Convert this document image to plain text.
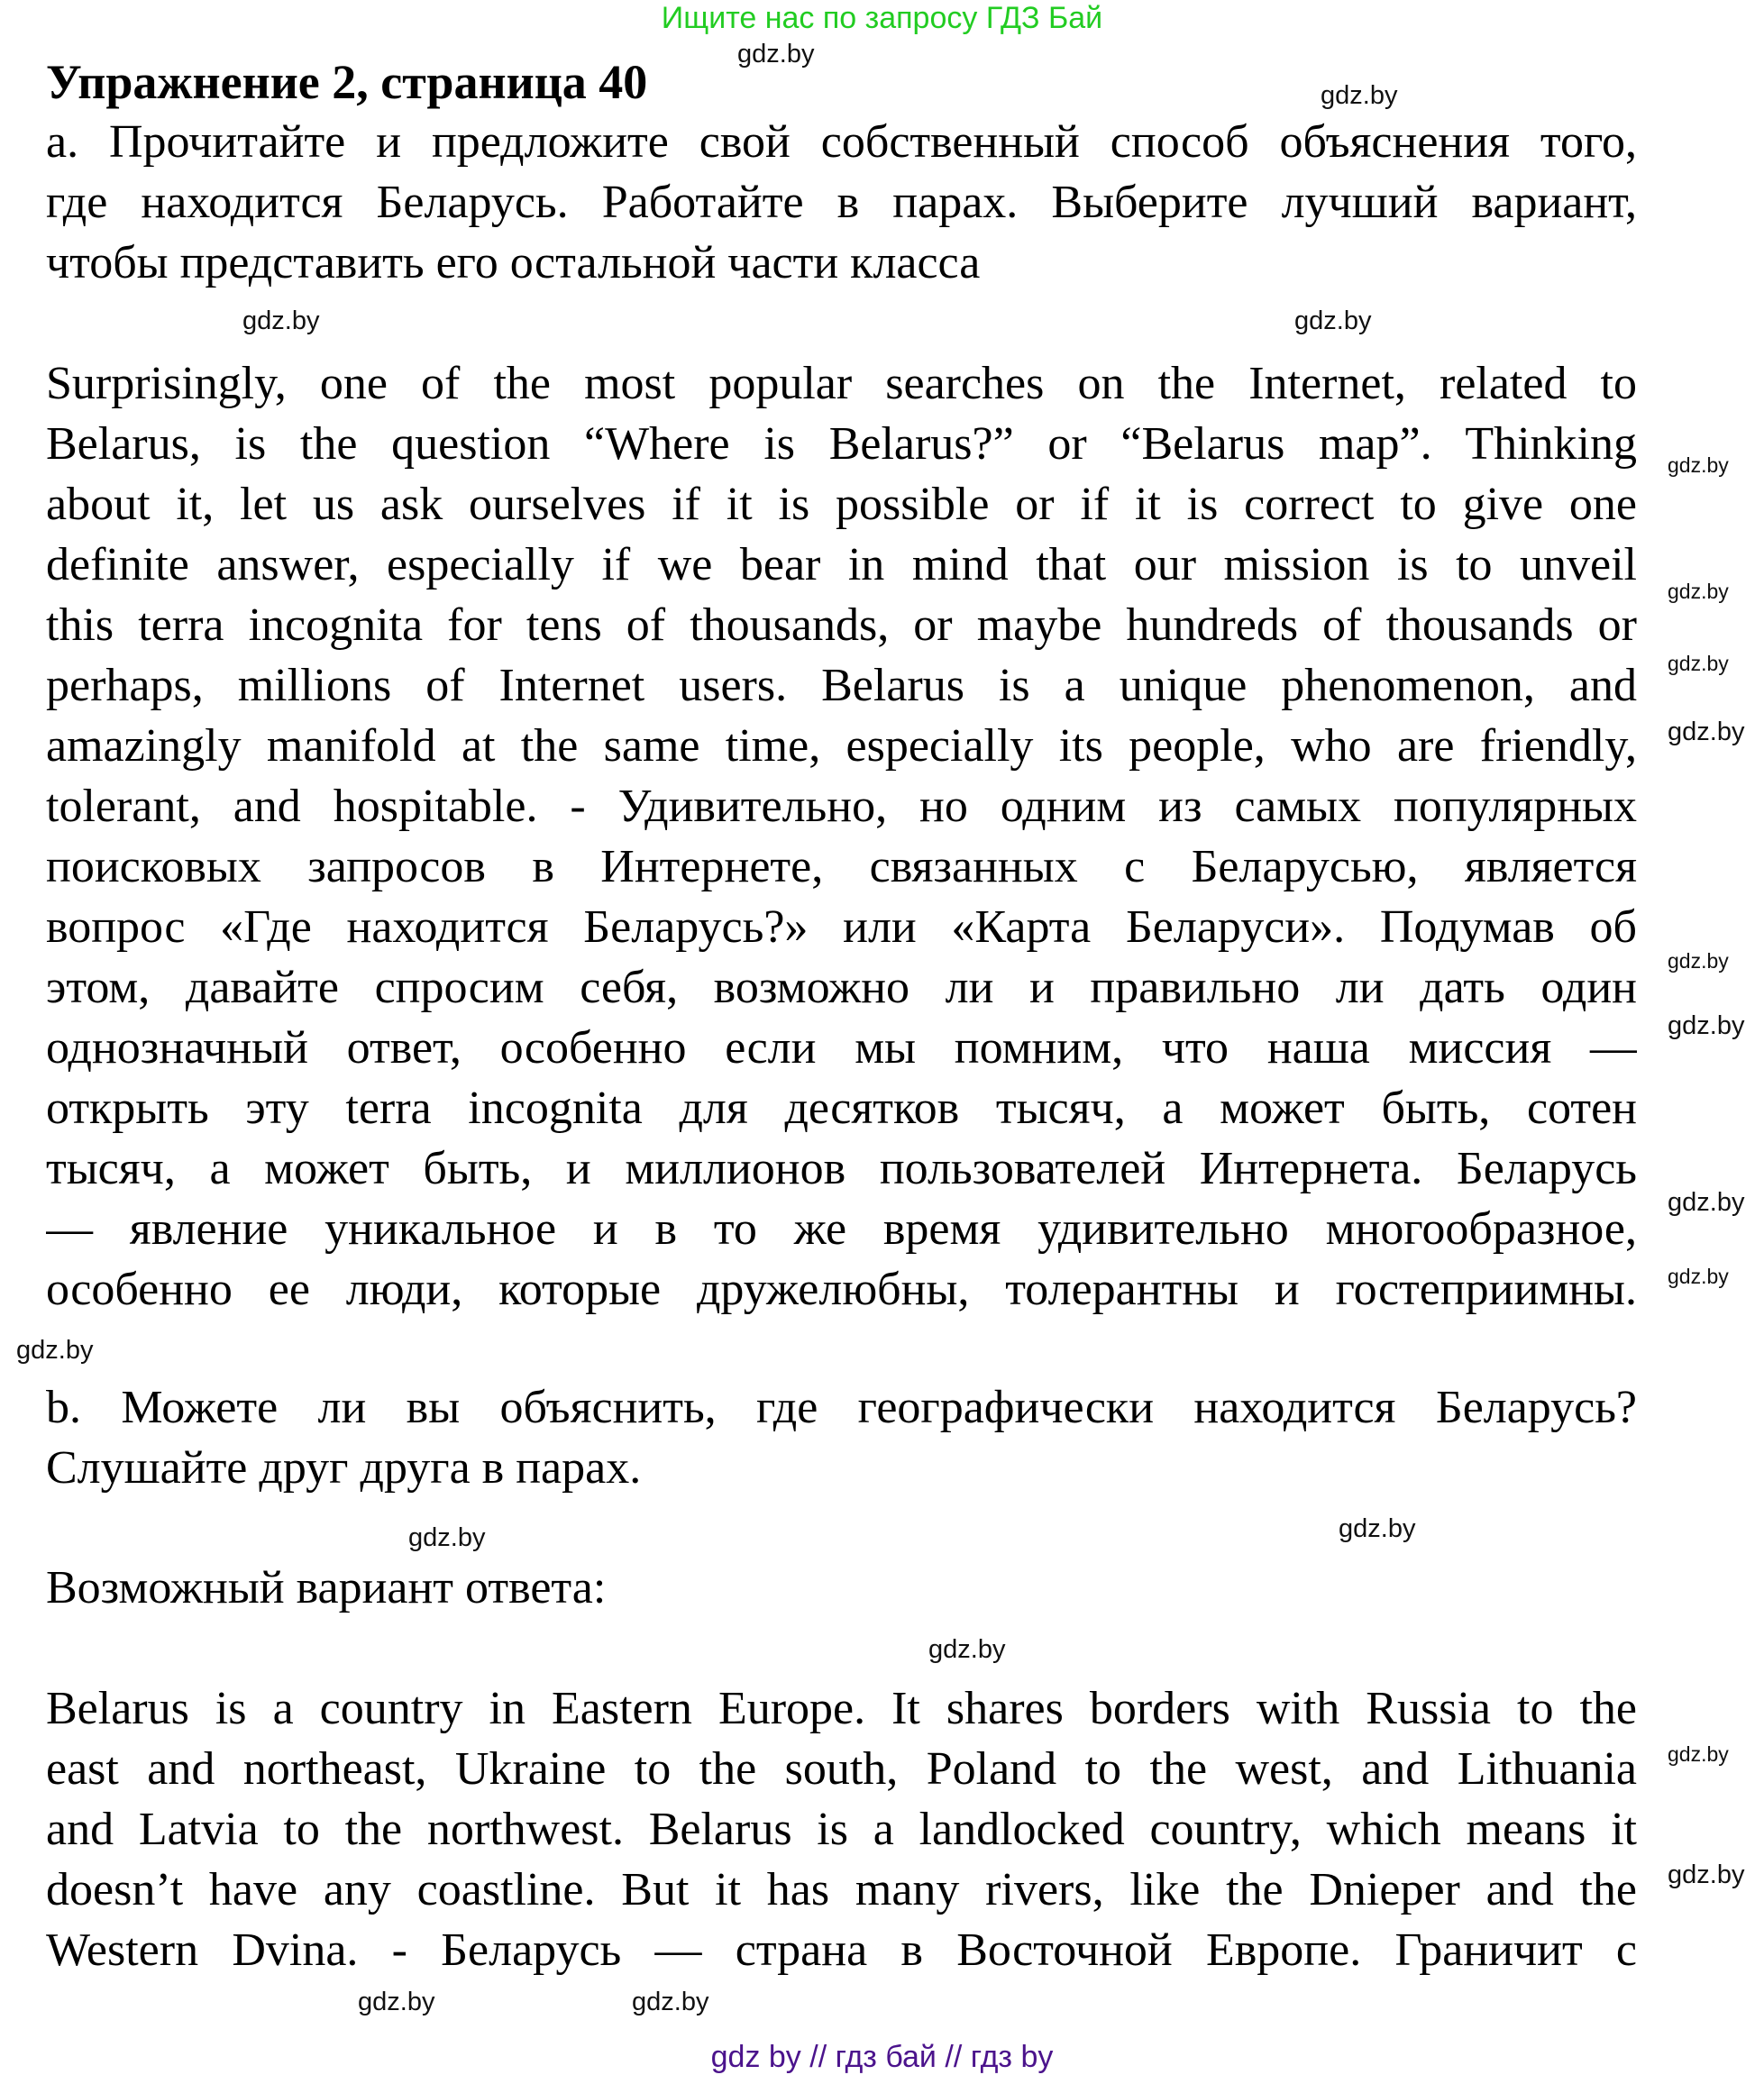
Ищите нас по запросу ГДЗ Бай
Упражнение 2, страница 40
a. Прочитайте и предложите свой собственный способ объяснения того,
где находится Беларусь. Работайте в парах. Выберите лучший вариант,
чтобы представить его остальной части класса
Surprisingly, one of the most popular searches on the Internet, related to
Belarus, is the question “Where is Belarus?” or “Belarus map”. Thinking
about it, let us ask ourselves if it is possible or if it is correct to give one
definite answer, especially if we bear in mind that our mission is to unveil
this terra incognita for tens of thousands, or maybe hundreds of thousands or
perhaps, millions of Internet users. Belarus is a unique phenomenon, and
amazingly manifold at the same time, especially its people, who are friendly,
tolerant, and hospitable. - Удивительно, но одним из самых популярных
поисковых запросов в Интернете, связанных с Беларусью, является
вопрос «Где находится Беларусь?» или «Карта Беларуси». Подумав об
этом, давайте спросим себя, возможно ли и правильно ли дать один
однозначный ответ, особенно если мы помним, что наша миссия —
открыть эту terra incognita для десятков тысяч, а может быть, сотен
тысяч, а может быть, и миллионов пользователей Интернета. Беларусь
— явление уникальное и в то же время удивительно многообразное,
особенно ее люди, которые дружелюбны, толерантны и гостеприимны.
b. Можете ли вы объяснить, где географически находится Беларусь?
Слушайте друг друга в парах.
Возможный вариант ответа:
Belarus is a country in Eastern Europe. It shares borders with Russia to the
east and northeast, Ukraine to the south, Poland to the west, and Lithuania
and Latvia to the northwest. Belarus is a landlocked country, which means it
doesn’t have any coastline. But it has many rivers, like the Dnieper and the
Western Dvina. - Беларусь — страна в Восточной Европе. Граничит с
gdz.by
gdz.by
gdz.by
gdz.by
gdz.by
gdz.by
gdz.by
gdz.by
gdz.by
gdz.by
gdz.by
gdz.by
gdz.by
gdz.by
gdz.by
gdz.by
gdz.by
gdz.by
gdz.by
gdz.by
gdz by // гдз бай // гдз by
